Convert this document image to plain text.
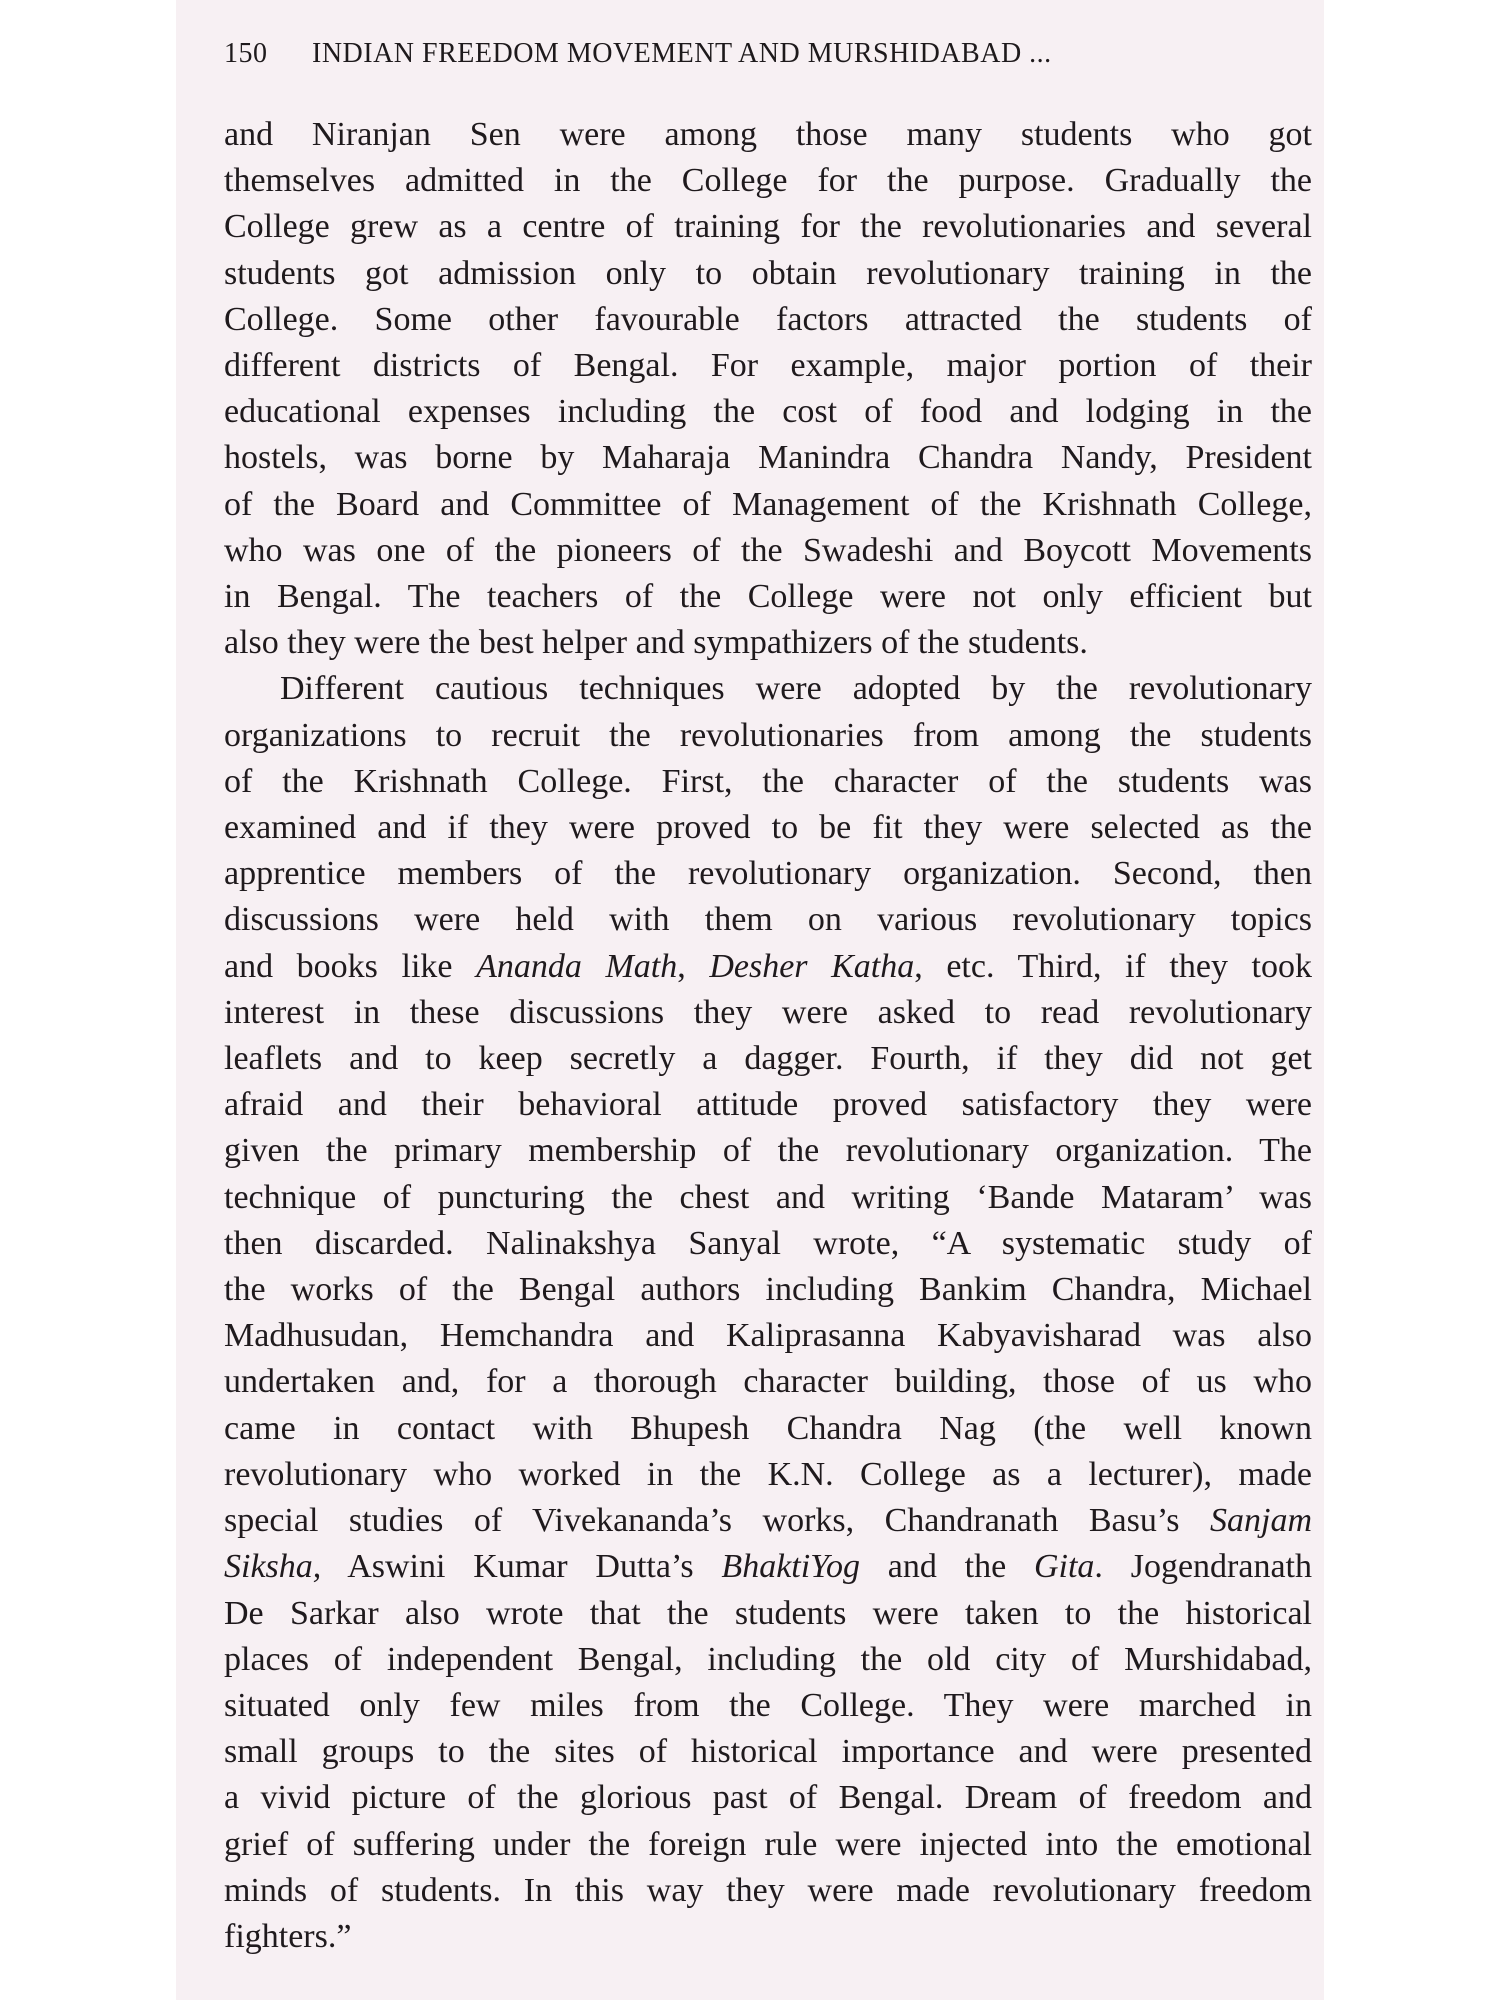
150 INDIAN FREEDOM MOVEMENT AND MURSHIDABAD ...
and Niranjan Sen were among those many students who got
themselves admitted in the College for the purpose. Gradually the
College grew as a centre of training for the revolutionaries and several
students got admission only to obtain revolutionary training in the
College. Some other favourable factors attracted the students of
different districts of Bengal. For example, major portion of their
educational expenses including the cost of food and lodging in the
hostels, was borne by Maharaja Manindra Chandra Nandy, President
of the Board and Committee of Management of the Krishnath College,
who was one of the pioneers of the Swadeshi and Boycott Movements
in Bengal. The teachers of the College were not only efficient but
also they were the best helper and sympathizers of the students.
Different cautious techniques were adopted by the revolutionary
organizations to recruit the revolutionaries from among the students
of the Krishnath College. First, the character of the students was
examined and if they were proved to be fit they were selected as the
apprentice members of the revolutionary organization. Second, then
discussions were held with them on various revolutionary topics
and books like Ananda Math, Desher Katha, etc. Third, if they took
interest in these discussions they were asked to read revolutionary
leaflets and to keep secretly a dagger. Fourth, if they did not get
afraid and their behavioral attitude proved satisfactory they were
given the primary membership of the revolutionary organization. The
technique of puncturing the chest and writing ‘Bande Mataram’ was
then discarded. Nalinakshya Sanyal wrote, “A systematic study of
the works of the Bengal authors including Bankim Chandra, Michael
Madhusudan, Hemchandra and Kaliprasanna Kabyavisharad was also
undertaken and, for a thorough character building, those of us who
came in contact with Bhupesh Chandra Nag (the well known
revolutionary who worked in the K.N. College as a lecturer), made
special studies of Vivekananda’s works, Chandranath Basu’s Sanjam
Siksha, Aswini Kumar Dutta’s BhaktiYog and the Gita. Jogendranath
De Sarkar also wrote that the students were taken to the historical
places of independent Bengal, including the old city of Murshidabad,
situated only few miles from the College. They were marched in
small groups to the sites of historical importance and were presented
a vivid picture of the glorious past of Bengal. Dream of freedom and
grief of suffering under the foreign rule were injected into the emotional
minds of students. In this way they were made revolutionary freedom
fighters.”
